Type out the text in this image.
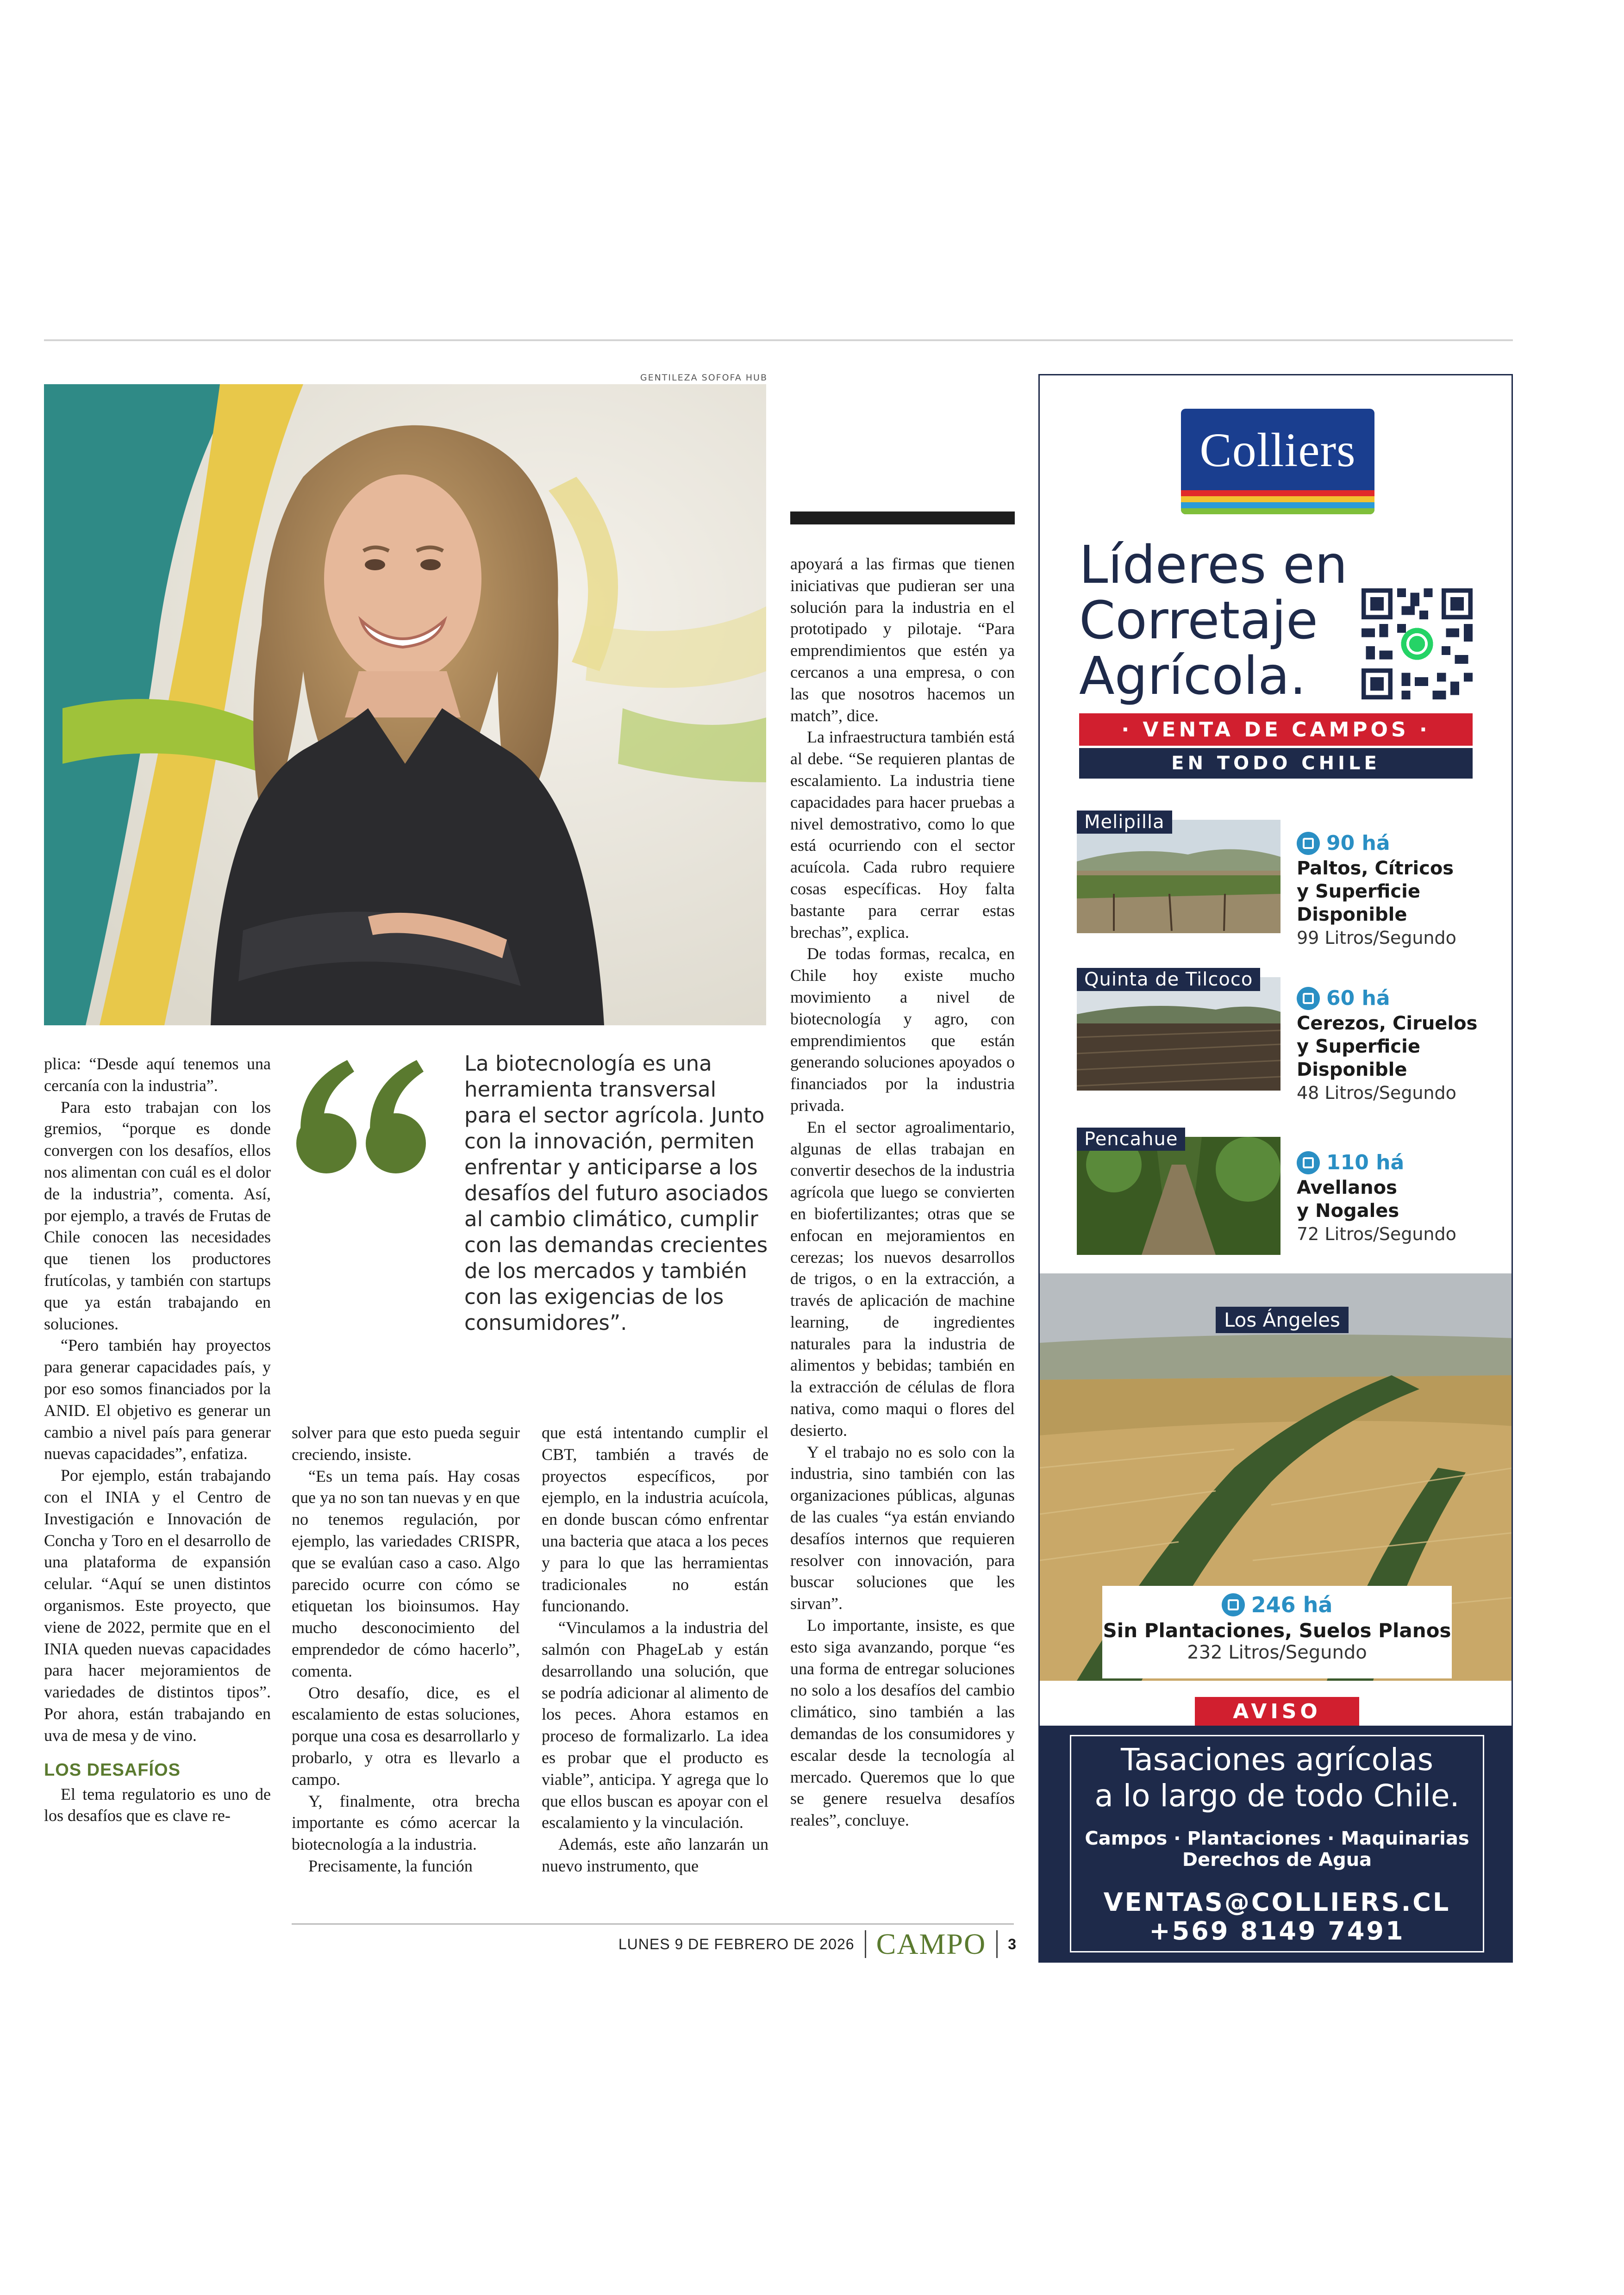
GENTILEZA SOFOFA HUB

plica: “Desde aquí tenemos una cercanía con la industria”.

Para esto trabajan con los gremios, “porque es donde convergen con los desafíos, ellos nos alimentan con cuál es el dolor de la industria”, comenta. Así, por ejemplo, a través de Frutas de Chile conocen las necesidades que tienen los productores frutícolas, y también con startups que ya están trabajando en soluciones.

“Pero también hay proyectos para generar capacidades país, y por eso somos financiados por la ANID. El objetivo es generar un cambio a nivel país para generar nuevas capacidades”, enfatiza.

Por ejemplo, están trabajando con el INIA y el Centro de Investigación e Innovación de Concha y Toro en el desarrollo de una plataforma de expansión celular. “Aquí se unen distintos organismos. Este proyecto, que viene de 2022, permite que en el INIA queden nuevas capacidades para hacer mejoramientos de variedades de distintos tipos”. Por ahora, están trabajando en uva de mesa y de vino.

LOS DESAFÍOS

El tema regulatorio es uno de los desafíos que es clave re-

La biotecnología es una herramienta transversal para el sector agrícola. Junto con la innovación, permiten enfrentar y anticiparse a los desafíos del futuro asociados al cambio climático, cumplir con las demandas crecientes de los mercados y también con las exigencias de los consumidores”.

solver para que esto pueda seguir creciendo, insiste.

“Es un tema país. Hay cosas que ya no son tan nuevas y en que no tenemos regulación, por ejemplo, las variedades CRISPR, que se evalúan caso a caso. Algo parecido ocurre con cómo se etiquetan los bioinsumos. Hay mucho desconocimiento del emprendedor de cómo hacerlo”, comenta.

Otro desafío, dice, es el escalamiento de estas soluciones, porque una cosa es desarrollarlo y probarlo, y otra es llevarlo a campo.

Y, finalmente, otra brecha importante es cómo acercar la biotecnología a la industria.

Precisamente, la función

que está intentando cumplir el CBT, también a través de proyectos específicos, por ejemplo, en la industria acuícola, en donde buscan cómo enfrentar una bacteria que ataca a los peces y para lo que las herramientas tradicionales no están funcionando.

“Vinculamos a la industria del salmón con PhageLab y están desarrollando una solución, que se podría adicionar al alimento de los peces. Ahora estamos en proceso de formalizarlo. La idea es probar que el producto es viable”, anticipa. Y agrega que lo que ellos buscan es apoyar con el escalamiento y la vinculación.

Además, este año lanzarán un nuevo instrumento, que

apoyará a las firmas que tienen iniciativas que pudieran ser una solución para la industria en el prototipado y pilotaje. “Para emprendimientos que estén ya cercanos a una empresa, o con las que nosotros hacemos un match”, dice.

La infraestructura también está al debe. “Se requieren plantas de escalamiento. La industria tiene capacidades para hacer pruebas a nivel demostrativo, como lo que está ocurriendo con el sector acuícola. Cada rubro requiere cosas específicas. Hoy falta bastante para cerrar estas brechas”, explica.

De todas formas, recalca, en Chile hoy existe mucho movimiento a nivel de biotecnología y agro, con emprendimientos que están generando soluciones apoyados o financiados por la industria privada.

En el sector agroalimentario, algunas de ellas trabajan en convertir desechos de la industria agrícola que luego se convierten en biofertilizantes; otras que se enfocan en mejoramientos en cerezas; los nuevos desarrollos de trigos, o en la extracción, a través de aplicación de machine learning, de ingredientes naturales para la industria de alimentos y bebidas; también en la extracción de células de flora nativa, como maqui o flores del desierto.

Y el trabajo no es solo con la industria, sino también con las organizaciones públicas, algunas de las cuales “ya están enviando desafíos internos que requieren resolver con innovación, para buscar soluciones que les sirvan”.

Lo importante, insiste, es que esto siga avanzando, porque “es una forma de entregar soluciones no solo a los desafíos del cambio climático, sino también a las demandas de los consumidores y escalar desde la tecnología al mercado. Queremos que lo que se genere resuelva desafíos reales”, concluye.

LUNES 9 DE FEBRERO DE 2026 CAMPO 3
Colliers
Líderes en
Corretaje
Agrícola.
· VENTA DE CAMPOS ·
EN TODO CHILE
Melipilla
90 há
Paltos, Cítricos
y Superficie
Disponible
99 Litros/Segundo
Quinta de Tilcoco
60 há
Cerezos, Ciruelos
y Superficie
Disponible
48 Litros/Segundo
Pencahue
110 há
Avellanos
y Nogales
72 Litros/Segundo
Los Ángeles
246 há
Sin Plantaciones, Suelos Planos
232 Litros/Segundo
AVISO
Tasaciones agrícolas
a lo largo de todo Chile.
Campos · Plantaciones · Maquinarias
Derechos de Agua
VENTAS@COLLIERS.CL
+569 8149 7491
